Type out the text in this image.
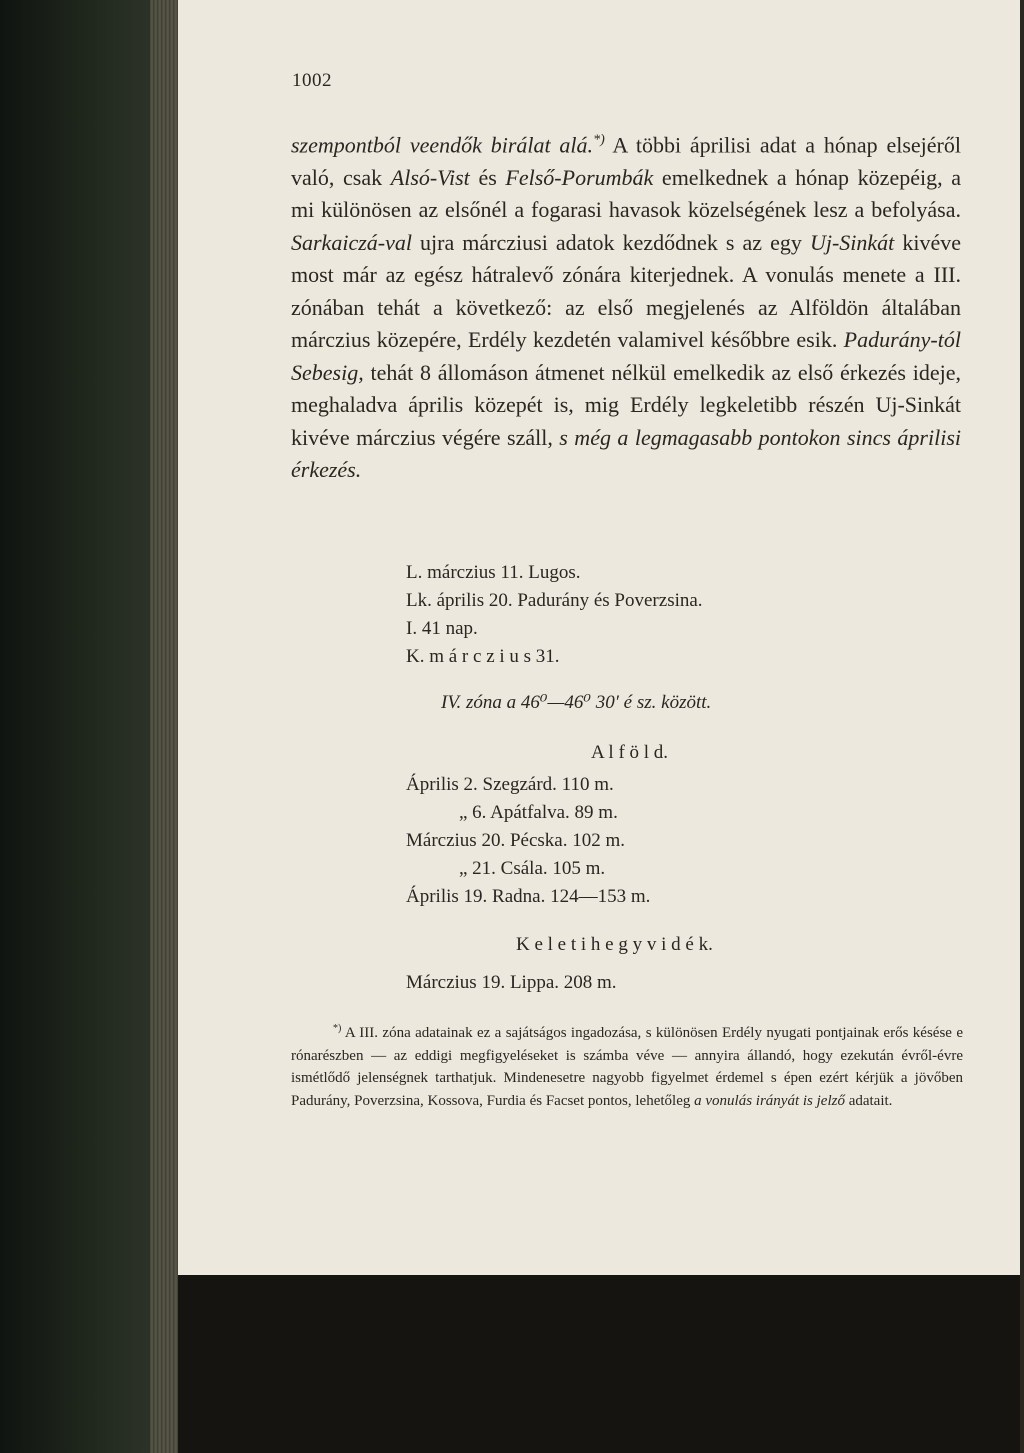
1002

szempontból veendők birálat alá.*) A többi áprilisi adat a hónap elsejéről való, csak Alsó-Vist és Felső-Porumbák emelkednek a hónap közepéig, a mi különösen az elsőnél a fogarasi havasok közelségének lesz a befolyása. Sarkaiczá-val ujra márcziusi adatok kezdődnek s az egy Uj-Sinkát kivéve most már az egész hátralevő zónára kiterjednek. A vonulás menete a III. zónában tehát a következő: az első megjelenés az Alföldön általában márczius közepére, Erdély kezdetén valamivel későbbre esik. Padurány-tól Sebesig, tehát 8 állomáson átmenet nélkül emelkedik az első érkezés ideje, meghaladva április közepét is, mig Erdély legkeletibb részén Uj-Sinkát kivéve márczius végére száll, s még a legmagasabb pontokon sincs áprilisi érkezés.

L. márczius 11. Lugos.
Lk. április 20. Padurány és Poverzsina.
I. 41 nap.
K. m á r c z i u s 31.
IV. zóna a 46⁰—46⁰ 30′ é sz. között.
A l f ö l d.
Április 2. Szegzárd. 110 m.
„ 6. Apátfalva. 89 m.
Márczius 20. Pécska. 102 m.
„ 21. Csála. 105 m.
Április 19. Radna. 124—153 m.
K e l e t i h e g y v i d é k.
Márczius 19. Lippa. 208 m.
*) A III. zóna adatainak ez a sajátságos ingadozása, s különösen Erdély nyugati pontjainak erős késése e rónarészben — az eddigi megfigyeléseket is számba véve — annyira állandó, hogy ezekután évről-évre ismétlődő jelenségnek tarthatjuk. Mindenesetre nagyobb figyelmet érdemel s épen ezért kérjük a jövőben Padurány, Poverzsina, Kossova, Furdia és Facset pontos, lehetőleg a vonulás irányát is jelző adatait.
